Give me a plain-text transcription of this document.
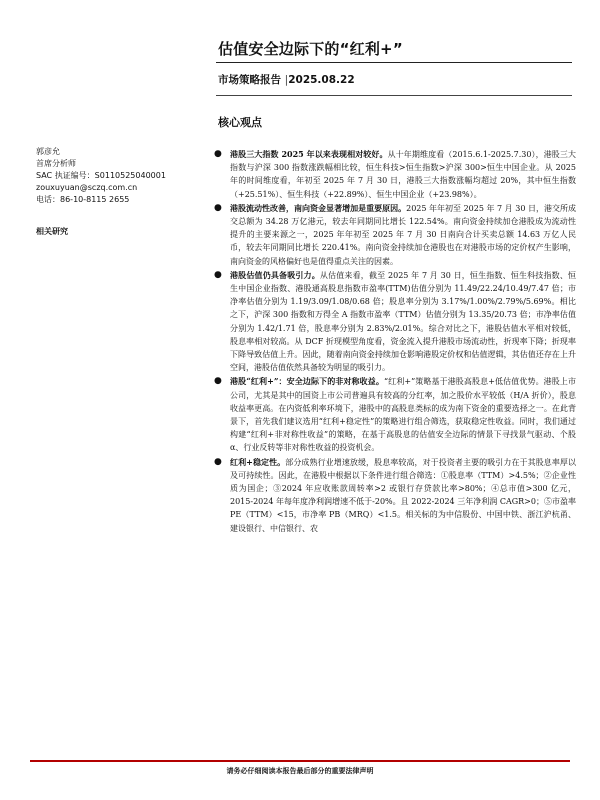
估值安全边际下的“红利+”
市场策略报告 |2025.08.22
核心观点
郭彦允
首席分析师
SAC 执证编号：S0110525040001
zouxuyuan@sczq.com.cn
电话：86-10-8115 2655
相关研究
● 港股三大指数 2025 年以来表现相对较好。从十年期维度看（2015.6.1-2025.7.30），港股三大指数与沪深 300 指数涨跌幅相比较，恒生科技>恒生指数>沪深 300>恒生中国企业。从 2025 年的时间维度看，年初至 2025 年 7 月 30 日，港股三大指数涨幅均超过 20%，其中恒生指数（+25.51%）、恒生科技（+22.89%）、恒生中国企业（+23.98%）。
● 港股流动性改善，南向资金显著增加是重要原因。2025 年年初至 2025 年 7 月 30 日，港交所成交总额为 34.28 万亿港元，较去年同期同比增长 122.54%。南向资金持续加仓港股成为流动性提升的主要来源之一，2025 年年初至 2025 年 7 月 30 日南向合计买卖总额 14.63 万亿人民币，较去年同期同比增长 220.41%。南向资金持续加仓港股也在对港股市场的定价权产生影响，南向资金的风格偏好也是值得重点关注的因素。
● 港股估值仍具备吸引力。从估值来看，截至 2025 年 7 月 30 日，恒生指数、恒生科技指数、恒生中国企业指数、港股通高股息指数市盈率(TTM)估值分别为 11.49/22.24/10.49/7.47 倍；市净率估值分别为 1.19/3.09/1.08/0.68 倍；股息率分别为 3.17%/1.00%/2.79%/5.69%。相比之下，沪深 300 指数和万得全 A 指数市盈率（TTM）估值分别为 13.35/20.73 倍；市净率估值分别为 1.42/1.71 倍，股息率分别为 2.83%/2.01%。综合对比之下，港股估值水平相对较低，股息率相对较高。从 DCF 折现模型角度看，资金流入提升港股市场流动性，折现率下降；折现率下降导致估值上升。因此，随着南向资金持续加仓影响港股定价权和估值逻辑，其估值还存在上升空间，港股估值依然具备较为明显的吸引力。
● 港股“红利+”：安全边际下的非对称收益。“红利+”策略基于港股高股息+低估值优势。港股上市公司，尤其是其中的国资上市公司普遍具有较高的分红率，加之股价水平较低（H/A 折价），股息收益率更高。在内资低利率环境下，港股中的高股息类标的成为南下资金的重要选择之一。在此背景下，首先我们建议选用“红利+稳定性”的策略进行组合筛选，获取稳定性收益。同时，我们通过构建“红利+非对称性收益”的策略，在基于高股息的估值安全边际的情景下寻找景气驱动、个股 α、行业反转等非对称性收益的投资机会。
● 红利+稳定性。部分成熟行业增速放缓，股息率较高，对于投资者主要的吸引力在于其股息率厚以及可持续性。因此，在港股中根据以下条件进行组合筛选：①股息率（TTM）>4.5%；②企业性质为国企；③2024 年应收账款周转率>2 或银行存贷款比率>80%；④总市值>300 亿元，2015-2024 年每年度净利润增速不低于-20%。且 2022-2024 三年净利润 CAGR>0；⑤市盈率 PE（TTM）<15，市净率 PB（MRQ）<1.5。相关标的为中信股份、中国中铁、浙江沪杭甬、建设银行、中信银行、农
请务必仔细阅读本报告最后部分的重要法律声明
